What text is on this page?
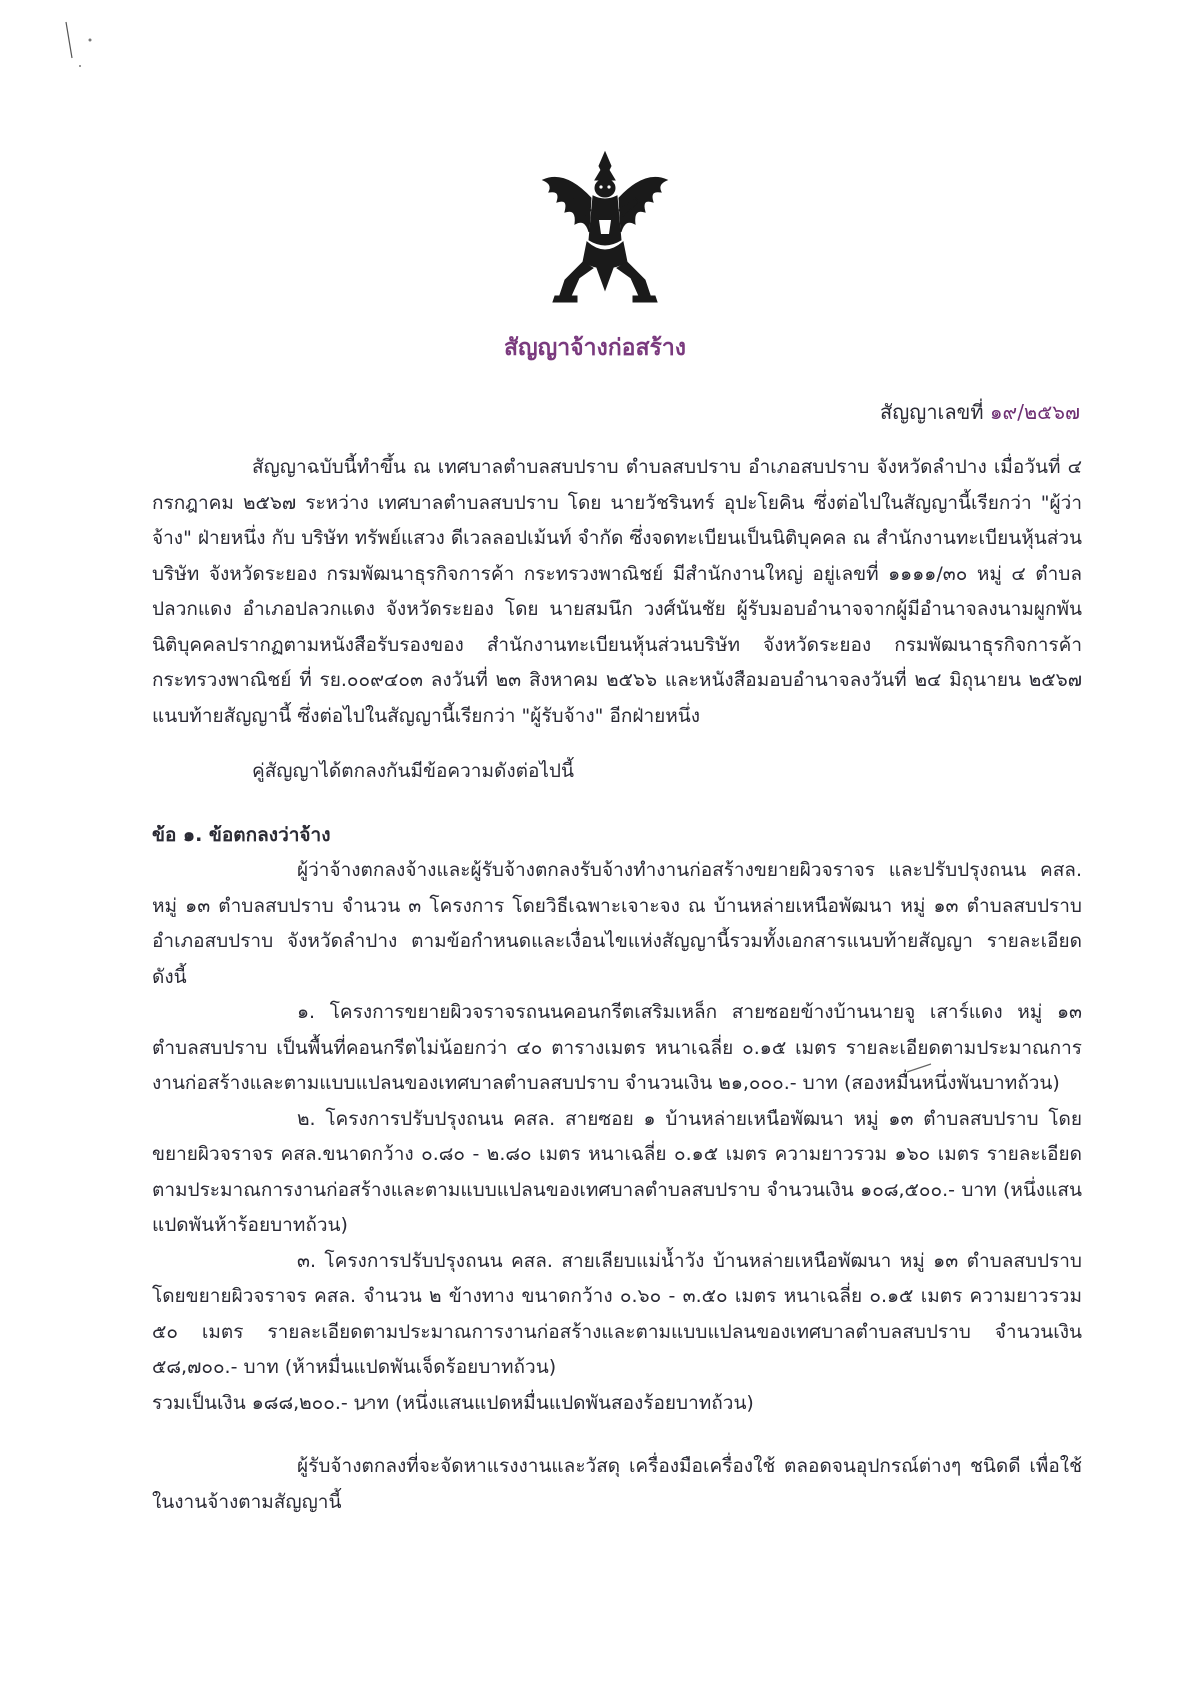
สัญญาจ้างก่อสร้าง
สัญญาเลขที่ ๑๙/๒๕๖๗

สัญญาฉบับนี้ทำขึ้น ณ เทศบาลตำบลสบปราบ ตำบลสบปราบ อำเภอสบปราบ จังหวัดลำปาง เมื่อวันที่ ๔ กรกฎาคม ๒๕๖๗ ระหว่าง เทศบาลตำบลสบปราบ โดย นายวัชรินทร์ อุปะโยคิน ซึ่งต่อไปในสัญญานี้เรียกว่า "ผู้ว่าจ้าง" ฝ่ายหนึ่ง กับ บริษัท ทรัพย์แสวง ดีเวลลอปเม้นท์ จำกัด ซึ่งจดทะเบียนเป็นนิติบุคคล ณ สำนักงานทะเบียนหุ้นส่วนบริษัท จังหวัดระยอง กรมพัฒนาธุรกิจการค้า กระทรวงพาณิชย์ มีสำนักงานใหญ่ อยู่เลขที่ ๑๑๑๑/๓๐ หมู่ ๔ ตำบลปลวกแดง อำเภอปลวกแดง จังหวัดระยอง โดย นายสมนึก วงศ์นันชัย ผู้รับมอบอำนาจจากผู้มีอำนาจลงนามผูกพันนิติบุคคลปรากฏตามหนังสือรับรองของ สำนักงานทะเบียนหุ้นส่วนบริษัท จังหวัดระยอง กรมพัฒนาธุรกิจการค้า กระทรวงพาณิชย์ ที่ รย.๐๐๙๔๐๓ ลงวันที่ ๒๓ สิงหาคม ๒๕๖๖ และหนังสือมอบอำนาจลงวันที่ ๒๔ มิถุนายน ๒๕๖๗ แนบท้ายสัญญานี้ ซึ่งต่อไปในสัญญานี้เรียกว่า "ผู้รับจ้าง" อีกฝ่ายหนึ่ง

คู่สัญญาได้ตกลงกันมีข้อความดังต่อไปนี้

ข้อ ๑. ข้อตกลงว่าจ้าง

ผู้ว่าจ้างตกลงจ้างและผู้รับจ้างตกลงรับจ้างทำงานก่อสร้างขยายผิวจราจร และปรับปรุงถนน คสล. หมู่ ๑๓ ตำบลสบปราบ จำนวน ๓ โครงการ โดยวิธีเฉพาะเจาะจง ณ บ้านหล่ายเหนือพัฒนา หมู่ ๑๓ ตำบลสบปราบ อำเภอสบปราบ จังหวัดลำปาง ตามข้อกำหนดและเงื่อนไขแห่งสัญญานี้รวมทั้งเอกสารแนบท้ายสัญญา รายละเอียดดังนี้

๑. โครงการขยายผิวจราจรถนนคอนกรีตเสริมเหล็ก สายซอยข้างบ้านนายจู เสาร์แดง หมู่ ๑๓ ตำบลสบปราบ เป็นพื้นที่คอนกรีตไม่น้อยกว่า ๔๐ ตารางเมตร หนาเฉลี่ย ๐.๑๕ เมตร รายละเอียดตามประมาณการงานก่อสร้างและตามแบบแปลนของเทศบาลตำบลสบปราบ จำนวนเงิน ๒๑,๐๐๐.- บาท (สองหมื่นหนึ่งพันบาทถ้วน)

๒. โครงการปรับปรุงถนน คสล. สายซอย ๑ บ้านหล่ายเหนือพัฒนา หมู่ ๑๓ ตำบลสบปราบ โดยขยายผิวจราจร คสล.ขนาดกว้าง ๐.๘๐ - ๒.๘๐ เมตร หนาเฉลี่ย ๐.๑๕ เมตร ความยาวรวม ๑๖๐ เมตร รายละเอียดตามประมาณการงานก่อสร้างและตามแบบแปลนของเทศบาลตำบลสบปราบ จำนวนเงิน ๑๐๘,๕๐๐.- บาท (หนึ่งแสนแปดพันห้าร้อยบาทถ้วน)

๓. โครงการปรับปรุงถนน คสล. สายเลียบแม่น้ำวัง บ้านหล่ายเหนือพัฒนา หมู่ ๑๓ ตำบลสบปราบ โดยขยายผิวจราจร คสล. จำนวน ๒ ข้างทาง ขนาดกว้าง ๐.๖๐ - ๓.๕๐ เมตร หนาเฉลี่ย ๐.๑๕ เมตร ความยาวรวม ๕๐ เมตร รายละเอียดตามประมาณการงานก่อสร้างและตามแบบแปลนของเทศบาลตำบลสบปราบ จำนวนเงิน ๕๘,๗๐๐.- บาท (ห้าหมื่นแปดพันเจ็ดร้อยบาทถ้วน)

รวมเป็นเงิน ๑๘๘,๒๐๐.- บาท (หนึ่งแสนแปดหมื่นแปดพันสองร้อยบาทถ้วน)

ผู้รับจ้างตกลงที่จะจัดหาแรงงานและวัสดุ เครื่องมือเครื่องใช้ ตลอดจนอุปกรณ์ต่างๆ ชนิดดี เพื่อใช้ในงานจ้างตามสัญญานี้
